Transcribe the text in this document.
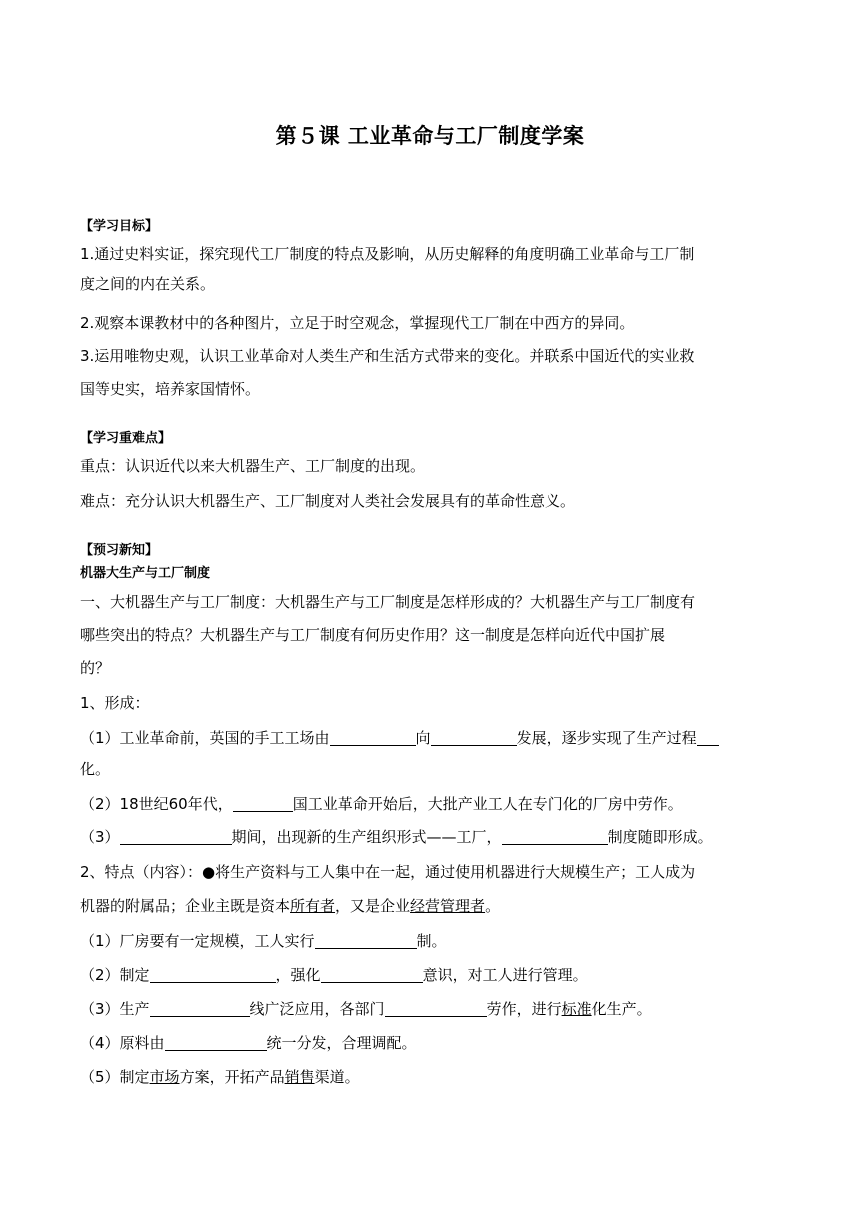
第５课 工业革命与工厂制度学案
【学习目标】
1.通过史料实证，探究现代工厂制度的特点及影响，从历史解释的角度明确工业革命与工厂制
度之间的内在关系。
2.观察本课教材中的各种图片，立足于时空观念，掌握现代工厂制在中西方的异同。
3.运用唯物史观，认识工业革命对人类生产和生活方式带来的变化。并联系中国近代的实业救
国等史实，培养家国情怀。
【学习重难点】
重点：认识近代以来大机器生产、工厂制度的出现。
难点：充分认识大机器生产、工厂制度对人类社会发展具有的革命性意义。
【预习新知】
机器大生产与工厂制度
一、大机器生产与工厂制度：大机器生产与工厂制度是怎样形成的？大机器生产与工厂制度有
哪些突出的特点？大机器生产与工厂制度有何历史作用？这一制度是怎样向近代中国扩展
的？
1、形成：
（1）工业革命前，英国的手工工场由	向	发展，逐步实现了生产过程
化。
（2）18世纪60年代，	国工业革命开始后，大批产业工人在专门化的厂房中劳作。
（3）	期间，出现新的生产组织形式——工厂，	制度随即形成。
2、特点（内容）：●将生产资料与工人集中在一起，通过使用机器进行大规模生产；工人成为
机器的附属品；企业主既是资本所有者，又是企业经营管理者。
（1）厂房要有一定规模，工人实行	制。
（2）制定	，强化	意识，对工人进行管理。
（3）生产	线广泛应用，各部门	劳作，进行标准化生产。
（4）原料由	统一分发，合理调配。
（5）制定市场方案，开拓产品销售渠道。
